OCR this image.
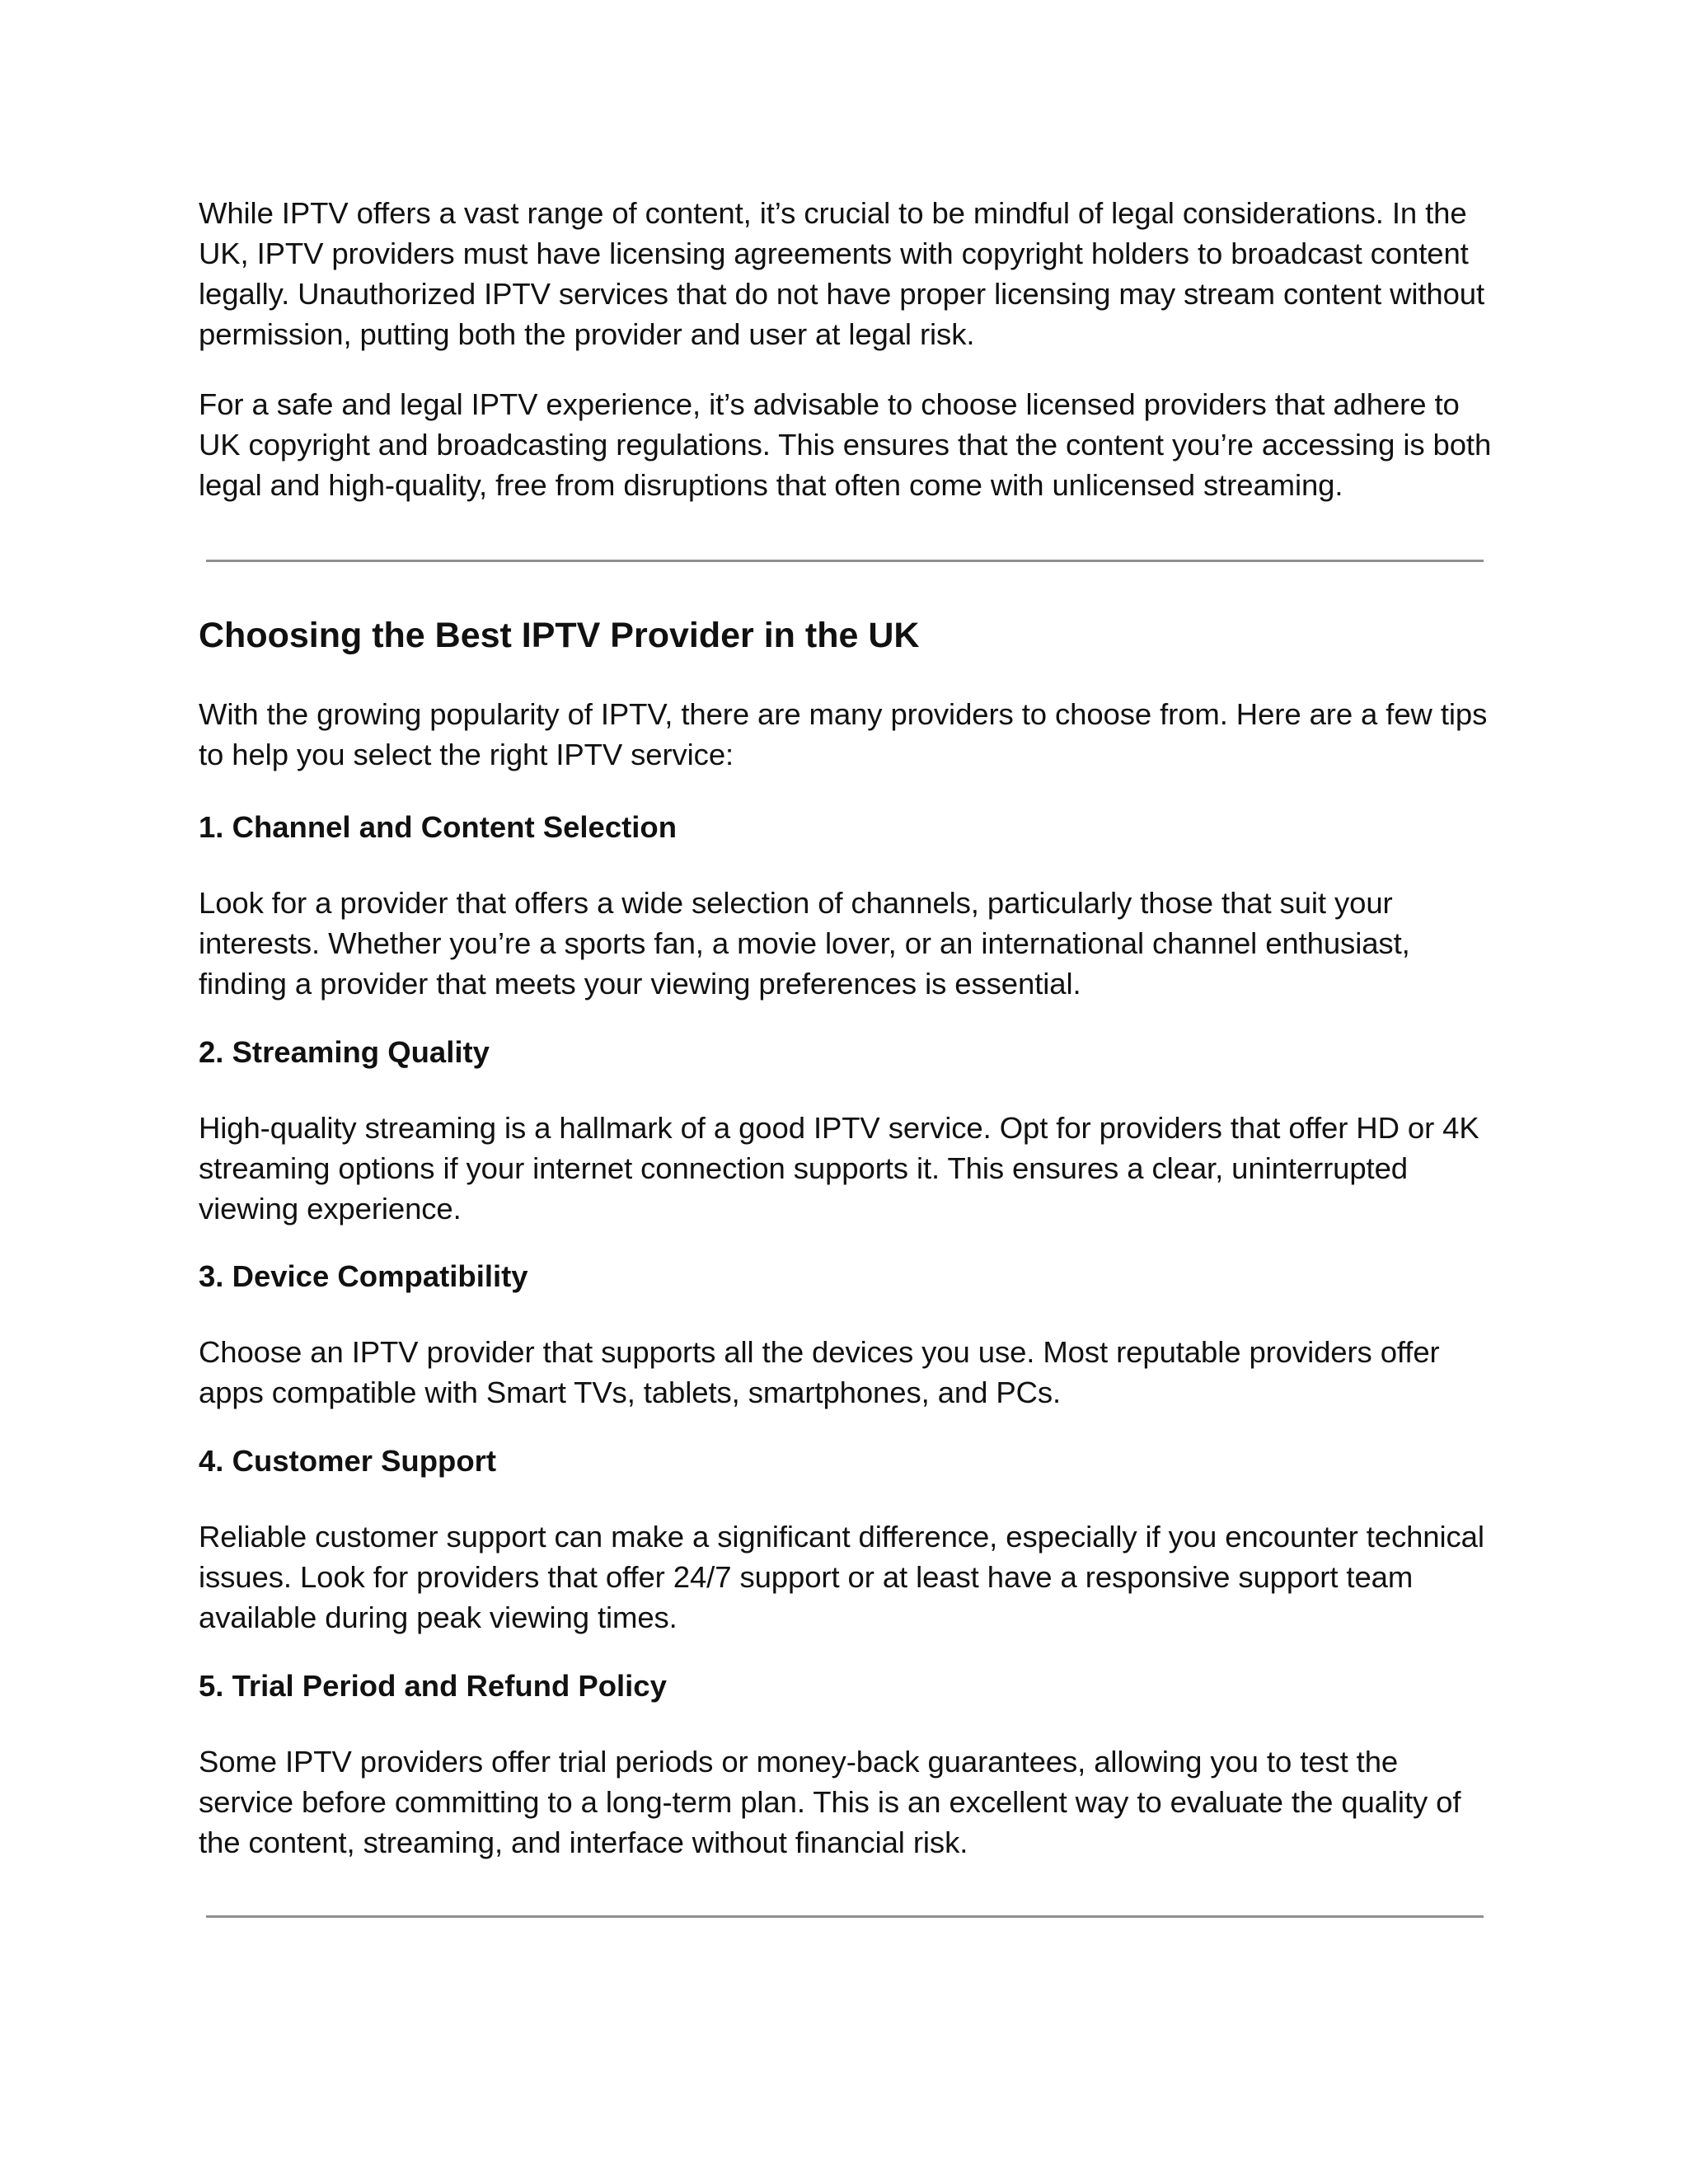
While IPTV offers a vast range of content, it’s crucial to be mindful of legal considerations. In the UK, IPTV providers must have licensing agreements with copyright holders to broadcast content legally. Unauthorized IPTV services that do not have proper licensing may stream content without permission, putting both the provider and user at legal risk.

For a safe and legal IPTV experience, it’s advisable to choose licensed providers that adhere to UK copyright and broadcasting regulations. This ensures that the content you’re accessing is both legal and high-quality, free from disruptions that often come with unlicensed streaming.

Choosing the Best IPTV Provider in the UK

With the growing popularity of IPTV, there are many providers to choose from. Here are a few tips to help you select the right IPTV service:

1. Channel and Content Selection

Look for a provider that offers a wide selection of channels, particularly those that suit your interests. Whether you’re a sports fan, a movie lover, or an international channel enthusiast, finding a provider that meets your viewing preferences is essential.

2. Streaming Quality

High-quality streaming is a hallmark of a good IPTV service. Opt for providers that offer HD or 4K streaming options if your internet connection supports it. This ensures a clear, uninterrupted viewing experience.

3. Device Compatibility

Choose an IPTV provider that supports all the devices you use. Most reputable providers offer apps compatible with Smart TVs, tablets, smartphones, and PCs.

4. Customer Support

Reliable customer support can make a significant difference, especially if you encounter technical issues. Look for providers that offer 24/7 support or at least have a responsive support team available during peak viewing times.

5. Trial Period and Refund Policy

Some IPTV providers offer trial periods or money-back guarantees, allowing you to test the service before committing to a long-term plan. This is an excellent way to evaluate the quality of the content, streaming, and interface without financial risk.
